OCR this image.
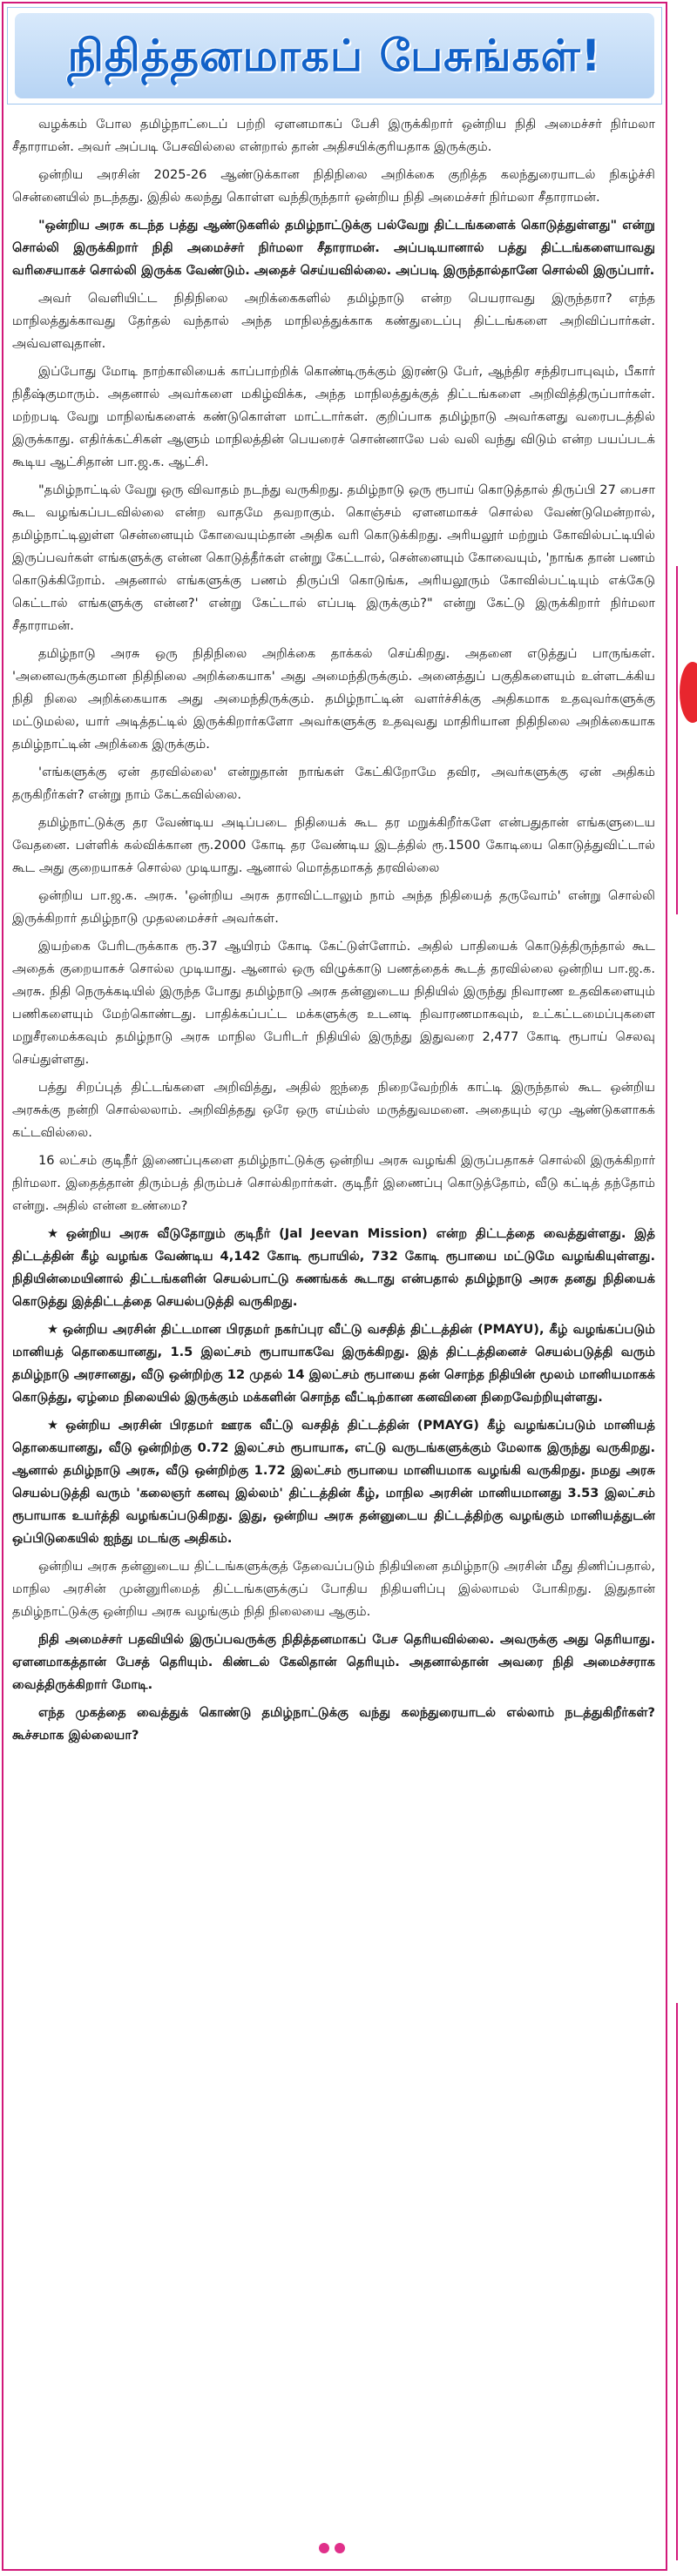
நிதித்தனமாகப் பேசுங்கள்!

வழக்கம் போல தமிழ்நாட்டைப் பற்றி ஏளனமாகப் பேசி இருக்கிறார் ஒன்றிய நிதி அமைச்சர் நிர்மலா சீதாராமன். அவர் அப்படி பேசவில்லை என்றால் தான் அதிசயிக்குரியதாக இருக்கும்.

ஒன்றிய அரசின் 2025-26 ஆண்டுக்கான நிதிநிலை அறிக்கை குறித்த கலந்துரையாடல் நிகழ்ச்சி சென்னையில் நடந்தது. இதில் கலந்து கொள்ள வந்திருந்தார் ஒன்றிய நிதி அமைச்சர் நிர்மலா சீதாராமன்.

"ஒன்றிய அரசு கடந்த பத்து ஆண்டுகளில் தமிழ்நாட்டுக்கு பல்வேறு திட்டங்களைக் கொடுத்துள்ளது" என்று சொல்லி இருக்கிறார் நிதி அமைச்சர் நிர்மலா சீதாராமன். அப்படியானால் பத்து திட்டங்களையாவது வரிசையாகச் சொல்லி இருக்க வேண்டும். அதைச் செய்யவில்லை. அப்படி இருந்தால்தானே சொல்லி இருப்பார்.

அவர் வெளியிட்ட நிதிநிலை அறிக்கைகளில் தமிழ்நாடு என்ற பெயராவது இருந்தரா? எந்த மாநிலத்துக்காவது தேர்தல் வந்தால் அந்த மாநிலத்துக்காக கண்துடைப்பு திட்டங்களை அறிவிப்பார்கள். அவ்வளவுதான்.

இப்போது மோடி நாற்காலியைக் காப்பாற்றிக் கொண்டிருக்கும் இரண்டு பேர், ஆந்திர சந்திரபாபுவும், பீகார் நிதீஷ்குமாரும். அதனால் அவர்களை மகிழ்விக்க, அந்த மாநிலத்துக்குத் திட்டங்களை அறிவித்திருப்பார்கள். மற்றபடி வேறு மாநிலங்களைக் கண்டுகொள்ள மாட்டார்கள். குறிப்பாக தமிழ்நாடு அவர்களது வரைபடத்தில் இருக்காது. எதிர்க்கட்சிகள் ஆளும் மாநிலத்தின் பெயரைச் சொன்னாலே பல் வலி வந்து விடும் என்ற பயப்படக் கூடிய ஆட்சிதான் பா.ஜ.க. ஆட்சி.

"தமிழ்நாட்டில் வேறு ஒரு விவாதம் நடந்து வருகிறது. தமிழ்நாடு ஒரு ரூபாய் கொடுத்தால் திருப்பி 27 பைசா கூட வழங்கப்படவில்லை என்ற வாதமே தவறாகும். கொஞ்சம் ஏளனமாகச் சொல்ல வேண்டுமென்றால், தமிழ்நாட்டிலுள்ள சென்னையும் கோவையும்தான் அதிக வரி கொடுக்கிறது. அரியலூர் மற்றும் கோவில்பட்டியில் இருப்பவர்கள் எங்களுக்கு என்ன கொடுத்தீர்கள் என்று கேட்டால், சென்னையும் கோவையும், 'நாங்க தான் பணம் கொடுக்கிறோம். அதனால் எங்களுக்கு பணம் திருப்பி கொடுங்க, அரியலூரும் கோவில்பட்டியும் எக்கேடு கெட்டால் எங்களுக்கு என்ன?' என்று கேட்டால் எப்படி இருக்கும்?" என்று கேட்டு இருக்கிறார் நிர்மலா சீதாராமன்.

தமிழ்நாடு அரசு ஒரு நிதிநிலை அறிக்கை தாக்கல் செய்கிறது. அதனை எடுத்துப் பாருங்கள். 'அனைவருக்குமான நிதிநிலை அறிக்கையாக' அது அமைந்திருக்கும். அனைத்துப் பகுதிகளையும் உள்ளடக்கிய நிதி நிலை அறிக்கையாக அது அமைந்திருக்கும். தமிழ்நாட்டின் வளர்ச்சிக்கு அதிகமாக உதவுவர்களுக்கு மட்டுமல்ல, யார் அடித்தட்டில் இருக்கிறார்களோ அவர்களுக்கு உதவுவது மாதிரியான நிதிநிலை அறிக்கையாக தமிழ்நாட்டின் அறிக்கை இருக்கும்.

'எங்களுக்கு ஏன் தரவில்லை' என்றுதான் நாங்கள் கேட்கிறோமே தவிர, அவர்களுக்கு ஏன் அதிகம் தருகிறீர்கள்? என்று நாம் கேட்கவில்லை.

தமிழ்நாட்டுக்கு தர வேண்டிய அடிப்படை நிதியைக் கூட தர மறுக்கிறீர்களே என்பதுதான் எங்களுடைய வேதனை. பள்ளிக் கல்விக்கான ரூ.2000 கோடி தர வேண்டிய இடத்தில் ரூ.1500 கோடியை கொடுத்துவிட்டால் கூட அது குறையாகச் சொல்ல முடியாது. ஆனால் மொத்தமாகத் தரவில்லை

ஒன்றிய பா.ஜ.க. அரசு. 'ஒன்றிய அரசு தராவிட்டாலும் நாம் அந்த நிதியைத் தருவோம்' என்று சொல்லி இருக்கிறார் தமிழ்நாடு முதலமைச்சர் அவர்கள்.

இயற்கை பேரிடருக்காக ரூ.37 ஆயிரம் கோடி கேட்டுள்ளோம். அதில் பாதியைக் கொடுத்திருந்தால் கூட அதைக் குறையாகச் சொல்ல முடியாது. ஆனால் ஒரு விழுக்காடு பணத்தைக் கூடத் தரவில்லை ஒன்றிய பா.ஜ.க. அரசு. நிதி நெருக்கடியில் இருந்த போது தமிழ்நாடு அரசு தன்னுடைய நிதியில் இருந்து நிவாரண உதவிகளையும் பணிகளையும் மேற்கொண்டது. பாதிக்கப்பட்ட மக்களுக்கு உடனடி நிவாரணமாகவும், உட்கட்டமைப்புகளை மறுசீரமைக்கவும் தமிழ்நாடு அரசு மாநில பேரிடர் நிதியில் இருந்து இதுவரை 2,477 கோடி ரூபாய் செலவு செய்துள்ளது.

பத்து சிறப்புத் திட்டங்களை அறிவித்து, அதில் ஐந்தை நிறைவேற்றிக் காட்டி இருந்தால் கூட ஒன்றிய அரசுக்கு நன்றி சொல்லலாம். அறிவித்தது ஒரே ஒரு எய்ம்ஸ் மருத்துவமனை. அதையும் ஏமு ஆண்டுகளாகக் கட்டவில்லை.

16 லட்சம் குடிநீர் இணைப்புகளை தமிழ்நாட்டுக்கு ஒன்றிய அரசு வழங்கி இருப்பதாகச் சொல்லி இருக்கிறார் நிர்மலா. இதைத்தான் திரும்பத் திரும்பச் சொல்கிறார்கள். குடிநீர் இணைப்பு கொடுத்தோம், வீடு கட்டித் தந்தோம் என்று. அதில் என்ன உண்மை?

★ ஒன்றிய அரசு வீடுதோறும் குடிநீர் (Jal Jeevan Mission) என்ற திட்டத்தை வைத்துள்ளது. இத் திட்டத்தின் கீழ் வழங்க வேண்டிய 4,142 கோடி ரூபாயில், 732 கோடி ரூபாயை மட்டுமே வழங்கியுள்ளது. நிதியின்மையினால் திட்டங்களின் செயல்பாட்டு சுணங்கக் கூடாது என்பதால் தமிழ்நாடு அரசு தனது நிதியைக் கொடுத்து இத்திட்டத்தை செயல்படுத்தி வருகிறது.

★ ஒன்றிய அரசின் திட்டமான பிரதமர் நகர்ப்புர வீட்டு வசதித் திட்டத்தின் (PMAYU), கீழ் வழங்கப்படும் மானியத் தொகையானது, 1.5 இலட்சம் ரூபாயாகவே இருக்கிறது. இத் திட்டத்தினைச் செயல்படுத்தி வரும் தமிழ்நாடு அரசானது, வீடு ஒன்றிற்கு 12 முதல் 14 இலட்சம் ரூபாயை தன் சொந்த நிதியின் மூலம் மானியமாகக் கொடுத்து, ஏழ்மை நிலையில் இருக்கும் மக்களின் சொந்த வீட்டிற்கான கனவினை நிறைவேற்றியுள்ளது.

★ ஒன்றிய அரசின் பிரதமர் ஊரக வீட்டு வசதித் திட்டத்தின் (PMAYG) கீழ் வழங்கப்படும் மானியத் தொகையானது, வீடு ஒன்றிற்கு 0.72 இலட்சம் ரூபாயாக, எட்டு வருடங்களுக்கும் மேலாக இருந்து வருகிறது. ஆனால் தமிழ்நாடு அரசு, வீடு ஒன்றிற்கு 1.72 இலட்சம் ரூபாயை மானியமாக வழங்கி வருகிறது. நமது அரசு செயல்படுத்தி வரும் 'கலைஞர் கனவு இல்லம்' திட்டத்தின் கீழ், மாநில அரசின் மானியமானது 3.53 இலட்சம் ரூபாயாக உயர்த்தி வழங்கப்படுகிறது. இது, ஒன்றிய அரசு தன்னுடைய திட்டத்திற்கு வழங்கும் மானியத்துடன் ஒப்பிடுகையில் ஐந்து மடங்கு அதிகம்.

ஒன்றிய அரசு தன்னுடைய திட்டங்களுக்குத் தேவைப்படும் நிதியினை தமிழ்நாடு அரசின் மீது திணிப்பதால், மாநில அரசின் முன்னுரிமைத் திட்டங்களுக்குப் போதிய நிதியளிப்பு இல்லாமல் போகிறது. இதுதான் தமிழ்நாட்டுக்கு ஒன்றிய அரசு வழங்கும் நிதி நிலையை ஆகும்.

நிதி அமைச்சர் பதவியில் இருப்பவருக்கு நிதித்தனமாகப் பேச தெரியவில்லை. அவருக்கு அது தெரியாது. ஏளனமாகத்தான் பேசத் தெரியும். கிண்டல் கேலிதான் தெரியும். அதனால்தான் அவரை நிதி அமைச்சராக வைத்திருக்கிறார் மோடி.

எந்த முகத்தை வைத்துக் கொண்டு தமிழ்நாட்டுக்கு வந்து கலந்துரையாடல் எல்லாம் நடத்துகிறீர்கள்? கூச்சமாக இல்லையா?
